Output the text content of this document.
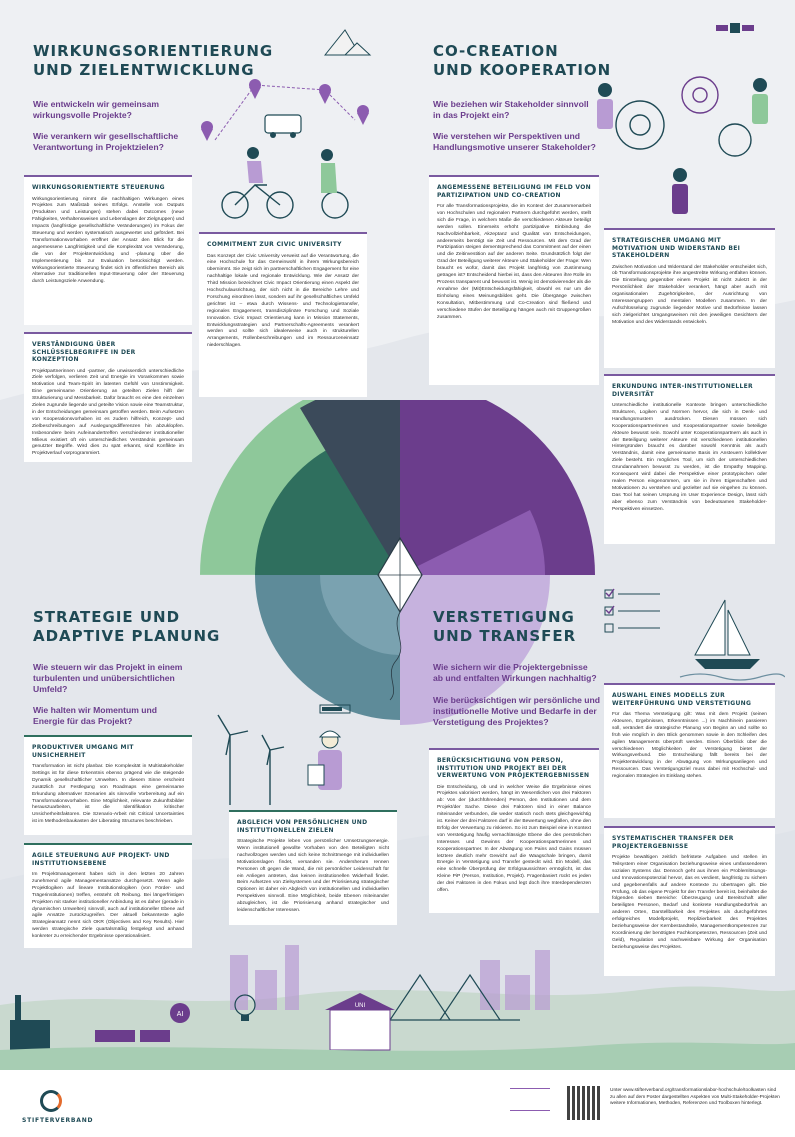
WIRKUNGSORIENTIERUNG
UND ZIELENTWICKLUNG
Wie entwickeln wir gemeinsam wirkungsvolle Projekte?
Wie verankern wir gesellschaftliche Verantwortung in Projektzielen?
CO-CREATION
UND KOOPERATION
Wie beziehen wir Stakeholder sinnvoll in das Projekt ein?
Wie verstehen wir Perspektiven und Handlungsmotive unserer Stakeholder?
STRATEGIE UND
ADAPTIVE PLANUNG
Wie steuern wir das Projekt in einem turbulenten und unübersichtlichen Umfeld?
Wie halten wir Momentum und Energie für das Projekt?
VERSTETIGUNG
UND TRANSFER
Wie sichern wir die Projektergebnisse ab und entfalten Wirkungen nachhaltig?
Wie berücksichtigen wir persönliche und institutionelle Motive und Bedarfe in der Verstetigung des Projektes?
WIRKUNGSORIENTIERTE STEUERUNG

Wirkungsorientierung nimmt die nachhaltigen Wirkungen eines Projektes zum Maßstab seines Erfolgs. Anstelle von Outputs (Produkten und Leistungen) stehen dabei Outcomes (neue Fähigkeiten, Verhaltensweisen und Lebenslagen der Zielgruppen) und Impacts (langfristige gesellschaftliche Veränderungen) im Fokus der Steuerung und werden systematisch ausgewertet und gefördert. Bei Transformationsvorhaben eröffnet der Ansatz den Blick für die angemessene Langfristigkeit und die Komplexität von Veränderung, die von der Projektentwicklung und -planung über die Implementierung bis zur Evaluation berücksichtigt werden. Wirkungsorientierte Steuerung findet sich im öffentlichen Bereich als Alternative zur traditionellen Input-Steuerung oder der Steuerung durch Leistungsziele Anwendung.

VERSTÄNDIGUNG ÜBER SCHLÜSSELBEGRIFFE IN DER KONZEPTION

Projektpartnerinnen und -partner, die unwissentlich unterschiedliche Ziele verfolgen, verlieren Zeit und Energie im Vorankommen sowie Motivation und Team-Spirit im latenten Gefühl von Unstimmigkeit. Eine gemeinsame Orientierung an geteilten Zielen hilft der Strukturierung und Messbarkeit. Dafür braucht es eine den einzelnen Zielen zugrunde liegende und geteilte Vision sowie eine Teamstruktur, in der Entscheidungen gemeinsam getroffen werden. Beim Aufsetzen von Kooperationsvorhaben ist es zudem hilfreich, Konzept- und Zielbeschreibungen auf Auslegungsdifferenzen hin abzuklopfen. Insbesondere beim Aufeinandertreffen verschiedener institutioneller Milieus existiert oft ein unterschiedliches Verständnis gemeinsam genutzter Begriffe. Wird dies zu spät erkannt, sind Konflikte im Projektverlauf vorprogrammiert.

COMMITMENT ZUR CIVIC UNIVERSITY

Das Konzept der Civic University verweist auf die Verantwortung, die eine Hochschule für das Gemeinwohl in ihrem Wirkungsbereich übernimmt. Sie zeigt sich im partnerschaftlichen Engagement für eine nachhaltige lokale und regionale Entwicklung. Wie der Ansatz der Third Mission bezeichnet Civic Impact Orientierung einen Aspekt der Hochschulausrichtung, der sich nicht in die Bereiche Lehre und Forschung einordnen lässt, sondern auf ihr gesellschaftliches Umfeld gerichtet ist – etwa durch Wissens- und Technologietransfer, regionales Engagement, transdisziplinäre Forschung und Soziale Innovation. Civic Impact Orientierung kann in Mission Statements, Entwicklungsstrategien und Partnerschafts-Agreements verankert werden und sollte sich idealerweise auch in strukturellen Arrangements, Rollenbeschreibungen und im Ressourceneinsatz niederschlagen.

ANGEMESSENE BETEILIGUNG IM FELD VON PARTIZIPATION UND CO-CREATION

Für alle Transformationsprojekte, die im Kontext der Zusammenarbeit von Hochschulen und regionalen Partnern durchgeführt werden, stellt sich die Frage, in welchem Maße die verschiedenen Akteure beteiligt werden sollen. Einerseits erhöht partizipative Einbindung die Nachvollziehbarkeit, Akzeptanz und Qualität von Entscheidungen, andererseits benötigt sie Zeit und Ressourcen. Mit dem Grad der Partizipation steigen dementsprechend das Commitment auf der einen und die Zeitinvestition auf der anderen Seite. Grundsätzlich folgt der Grad der Beteiligung weiterer Akteure und Stakeholder der Frage: Wen braucht es wofür, damit das Projekt langfristig von Zustimmung getragen ist? Entscheidend hierbei ist, dass den Akteuren ihre Rolle im Prozess transparent und bewusst ist. Wenig ist demotivierender als die Annahme der (Mit)Entscheidungsfähigkeit, obwohl es nur um die Einholung eines Meinungsbildes geht. Die Übergänge zwischen Konsultation, Mitbestimmung und Co-Creation sind fließend und verschiedene Stufen der Beteiligung hängen auch mit Gruppengrößen zusammen.

STRATEGISCHER UMGANG MIT MOTIVATION UND WIDERSTAND BEI STAKEHOLDERN

Zwischen Motivation und Widerstand der Stakeholder entscheidet sich, ob Transformationsprojekte ihre angestrebte Wirkung entfalten können. Die Einstellung gegenüber einem Projekt ist nicht zuletzt in der Persönlichkeit der Stakeholder verankert, hängt aber auch mit organisationalen Zugehörigkeiten, der Ausrichtung von Interessengruppen und mentalen Modellen zusammen. In der Aufschlüsselung zugrunde liegender Motive und Bedürfnisse lassen sich zielgerichtet Umgangsweisen mit den jeweiligen Gesichtern der Motivation und des Widerstands entwickeln.

ERKUNDUNG INTER-INSTITUTIONELLER DIVERSITÄT

Unterschiedliche institutionelle Kontexte bringen unterschiedliche Strukturen, Logiken und Normen hervor, die sich in Denk- und Handlungsmustern ausdrücken. Diesen müssen sich Kooperationspartnerinnen und Kooperationspartner sowie beteiligte Akteure bewusst sein. Sowohl unter Kooperationspartnern als auch in der Beteiligung weiterer Akteure mit verschiedenen institutionellen Hintergründen braucht es darüber sowohl Kenntnis als auch Verständnis, damit eine gemeinsame Basis im Ansteuern kollektiver Ziele besteht. Ein mögliches Tool, um sich der unterschiedlichen Grundannahmen bewusst zu werden, ist die Empathy Mapping. Konsequent wird dabei die Perspektive einer prototypischen oder realen Person eingenommen, um sie in ihren Eigenschaften und Motivationen zu verstehen und gezielter auf sie eingehen zu können. Das Tool hat seinen Ursprung im User Experience Design, lässt sich aber ebenso zum Verständnis von bedeutsamen Stakeholder-Perspektiven einsetzen.

PRODUKTIVER UMGANG MIT UNSICHERHEIT

Transformation ist nicht planbar. Die Komplexität in Multistakeholder Settings ist für diese Erkenntnis ebenso prägend wie die steigende Dynamik gesellschaftlicher Umwelten. In diesem Sinne erscheint zusätzlich zur Festlegung von Roadmaps eine gemeinsame Erkundung alternativer Szenarien als sinnvolle Vorbereitung auf ein Transformationsvorhaben. Eine Möglichkeit, relevante Zukunftsbilder herauszuarbeiten, ist die Identifikation kritischer Unsicherheitsfaktoren. Die Szenario-Arbeit mit Critical Uncertainties ist im Methodenbaukasten der Liberating Structures beschrieben.

AGILE STEUERUNG AUF PROJEKT- UND INSTITUTIONSEBENE

Im Projektmanagement haben sich in den letzten 20 Jahren zunehmend agile Managementansätze durchgesetzt. Wenn agile Projektlogiken auf lineare Institutionslogiken (von Förder- und Trägerinstitutionen) treffen, entsteht oft Reibung. Bei längerfristigen Projekten mit starker institutioneller Anbindung ist es daher (gerade in dynamischen Umwelten) sinnvoll, auch auf institutioneller Ebene auf agile Ansätze zurückzugreifen. Der aktuell bekannteste agile Strategieansatz nennt sich OKR (Objectives and Key Results). Hier werden strategische Ziele quartalsmäßig festgelegt und anhand konkreter zu erreichender Ergebnisse operationalisiert.

ABGLEICH VON PERSÖNLICHEN UND INSTITUTIONELLEN ZIELEN

Strategische Projekte leben von persönlicher Umsetzungsenergie. Wenn institutionell gewollte Vorhaben von den Beteiligten nicht nachvollzogen werden und sich keine Schnittmenge mit individuellen Motivationslagen findet, versanden sie. Andersherum rennen Personen oft gegen die Wand, die mit persönlicher Leidenschaft für ein Anliegen antreten, das keinen institutionellen Widerhall findet. Beim Aufsetzen von Zielsystemen und der Priorisierung strategischer Optionen ist daher ein Abgleich von institutionellen und individuellen Perspektiven sinnvoll. Eine Möglichkeit, beide Ebenen miteinander abzugleichen, ist die Priorisierung anhand strategischer und leidenschaftlicher Interessen.

BERÜCKSICHTIGUNG VON PERSON, INSTITUTION UND PROJEKT BEI DER VERWERTUNG VON PROJEKTERGEBNISSEN

Die Entscheidung, ob und in welcher Weise die Ergebnisse eines Projektes valorisiert werden, hängt im Wesentlichen von drei Faktoren ab: Von der (durchführenden) Person, den Institutionen und dem Projekt/der Sache. Diese drei Faktoren sind in einer Balance miteinander verbunden, die weder statisch noch stets gleichgewichtig ist. Keiner der drei Faktoren darf in der Bewertung wegfallen, ohne den Erfolg der Verwertung zu riskieren. So ist zum Beispiel eine in Kontext von Verstetigung häufig vernachlässigte Ebene die des persönlichen Interesses und Gewinns der Kooperationspartnerinnen und Kooperationspartner. In der Abwägung von Pains and Gains müssen letztere deutlich mehr Gewicht auf die Waagschale bringen, damit Energie in Verstetigung und Transfer gesteckt wird. Ein Modell, das eine schnelle Überprüfung der Erfolgsaussichten ermöglicht, ist das Kleine PiP (Person, Institution, Projekt). Fragenbasiert rückt es jeden der drei Faktoren in den Fokus und legt doch ihre Interdependenzen offen.

AUSWAHL EINES MODELLS ZUR WEITERFÜHRUNG UND VERSTETIGUNG

Für das Thema Verstetigung gilt: Was mit dem Projekt (seinen Akteuren, Ergebnissen, Erkenntnissen ...) im Nachhinein passieren soll, verändert die strategische Planung von Beginn an und sollte so früh wie möglich in den Blick genommen sowie in den Schleifen des agilen Managements überprüft werden. Einen Überblick über die verschiedenen Möglichkeiten der Verstetigung bietet der Wirkungsverbund. Die Entscheidung fällt bereits bei der Projektentwicklung in der Abwägung von Wirkungsanliegen und Ressourcen. Das Verstetigungsziel muss dabei mit Hochschul- und regionalen Strategien im Einklang stehen.

SYSTEMATISCHER TRANSFER DER PROJEKTERGEBNISSE

Projekte bewältigen zeitlich befristete Aufgaben und stellen im Teilsystem einer Organisation beziehungsweise eines umfassenderen sozialen Systems dar. Dennoch geht aus ihnen ein Problemlösungs- und Innovationspotenzial hervor, das es verdient, langfristig zu sichern und gegebenenfalls auf andere Kontexte zu übertragen gilt. Die Prüfung, ob das eigene Projekt für den Transfer bereit ist, beinhaltet die folgenden sieben Bereiche: Überzeugung und Bereitschaft aller beteiligten Personen, Bedarf und konkrete Handlungsbedürfnis an anderen Orten, Darstellbarkeit des Projektes als durchgeführtes erfolgreiches Modellprojekt, Replizierbarkeit des Projektes beziehungsweise der Kernbestandteile, Managementkompetenzen zur Koordinierung der benötigten Fachkompetenzen, Ressourcen (Zeit und Geld), Regulation und nachweisbare Wirkung der Organisation beziehungsweise des Projektes.

UNI
AI
STIFTERVERBAND
Unter www.stifterverband.org/transformationslabor-hochschule/toolkasten sind zu allen auf dem Poster dargestellten Aspekten von Multi-Stakeholder-Projekten weitere Informationen, Methoden, Referenzen und Toolboxen hinterlegt.
